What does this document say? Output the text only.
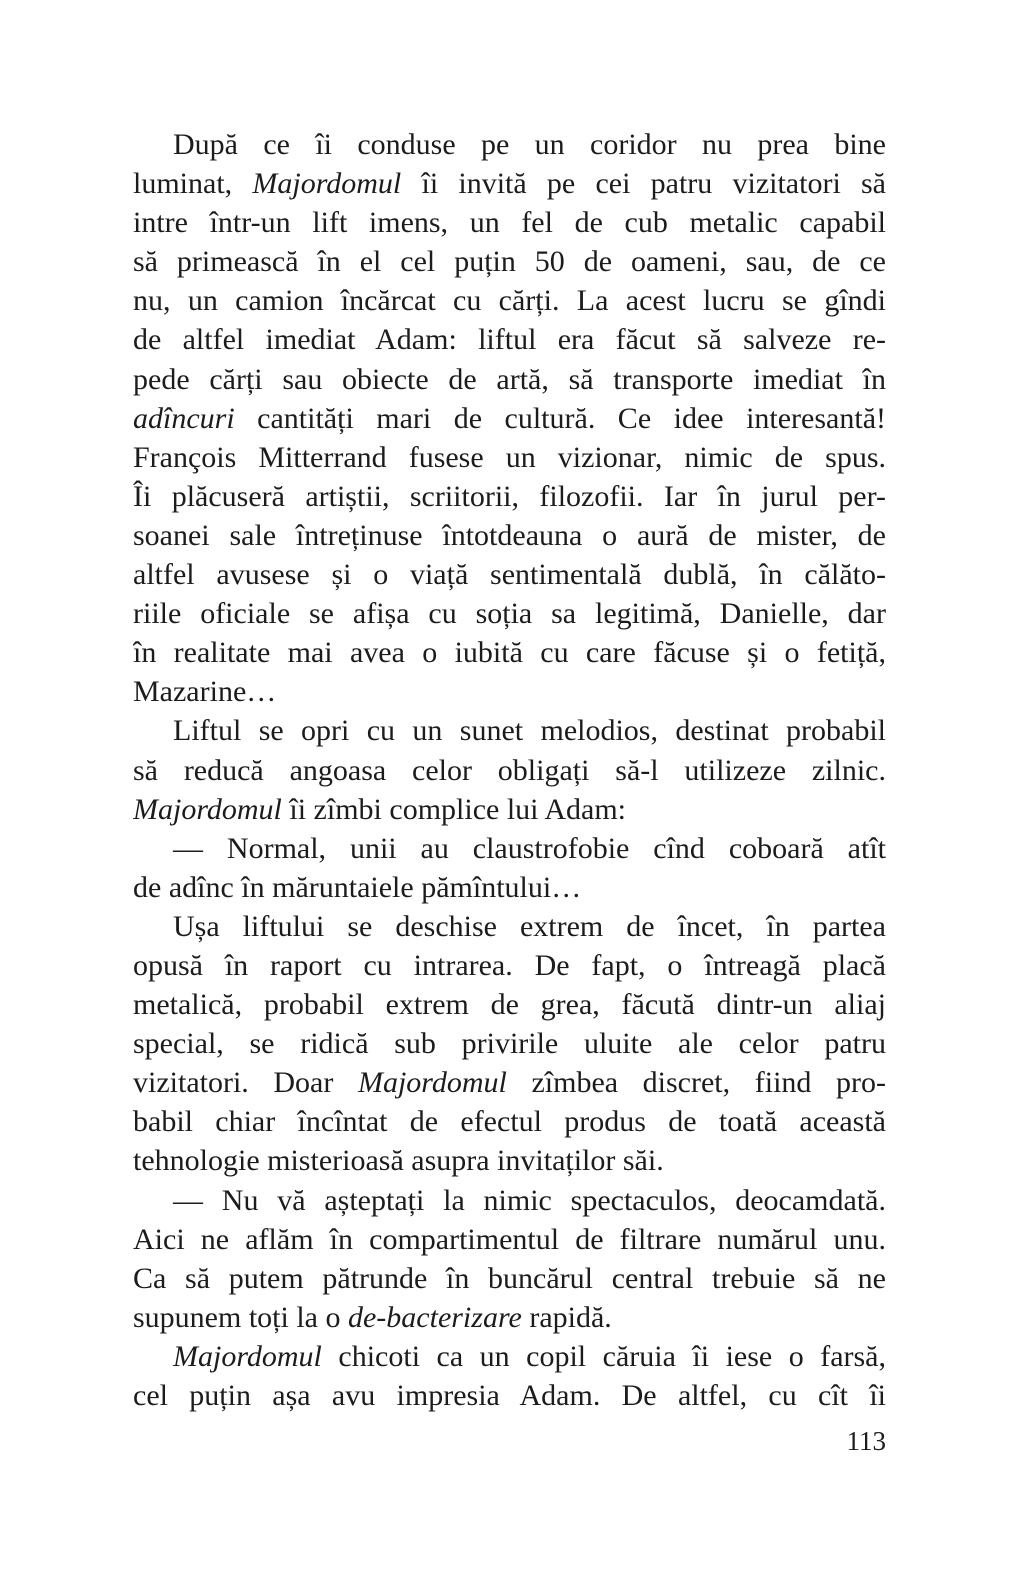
După ce îi conduse pe un coridor nu prea bine
luminat, Majordomul îi invită pe cei patru vizitatori să
intre într-un lift imens, un fel de cub metalic capabil
să primească în el cel puțin 50 de oameni, sau, de ce
nu, un camion încărcat cu cărți. La acest lucru se gîndi
de altfel imediat Adam: liftul era făcut să salveze re-
pede cărți sau obiecte de artă, să transporte imediat în
adîncuri cantități mari de cultură. Ce idee interesantă!
François Mitterrand fusese un vizionar, nimic de spus.
Îi plăcuseră artiștii, scriitorii, filozofii. Iar în jurul per-
soanei sale întreținuse întotdeauna o aură de mister, de
altfel avusese și o viață sentimentală dublă, în călăto-
riile oficiale se afișa cu soția sa legitimă, Danielle, dar
în realitate mai avea o iubită cu care făcuse și o fetiță,
Mazarine…
Liftul se opri cu un sunet melodios, destinat probabil
să reducă angoasa celor obligați să-l utilizeze zilnic.
Majordomul îi zîmbi complice lui Adam:
— Normal, unii au claustrofobie cînd coboară atît
de adînc în măruntaiele pămîntului…
Ușa liftului se deschise extrem de încet, în partea
opusă în raport cu intrarea. De fapt, o întreagă placă
metalică, probabil extrem de grea, făcută dintr-un aliaj
special, se ridică sub privirile uluite ale celor patru
vizitatori. Doar Majordomul zîmbea discret, fiind pro-
babil chiar încîntat de efectul produs de toată această
tehnologie misterioasă asupra invitaților săi.
— Nu vă așteptați la nimic spectaculos, deocamdată.
Aici ne aflăm în compartimentul de filtrare numărul unu.
Ca să putem pătrunde în buncărul central trebuie să ne
supunem toți la o de-bacterizare rapidă.
Majordomul chicoti ca un copil căruia îi iese o farsă,
cel puțin așa avu impresia Adam. De altfel, cu cît îi
113
